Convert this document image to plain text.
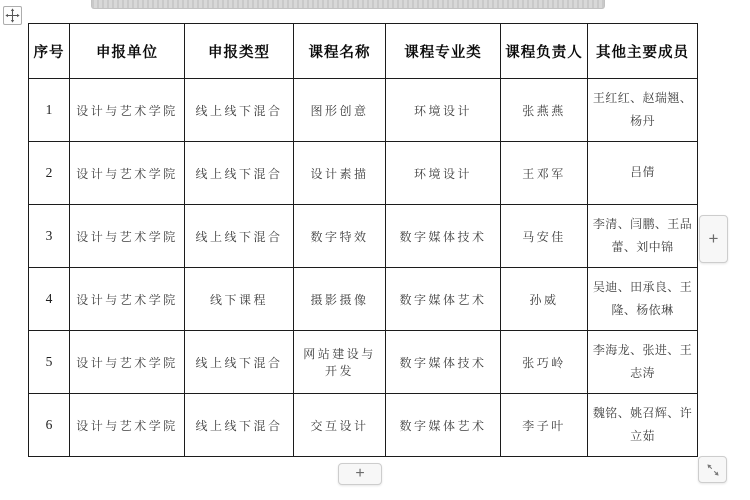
序号	申报单位	申报类型	课程名称	课程专业类	课程负责人	其他主要成员
1	设计与艺术学院	线上线下混合	图形创意	环境设计	张燕燕	王红红、赵瑞翘、杨丹
2	设计与艺术学院	线上线下混合	设计素描	环境设计	王邓军	吕倩
3	设计与艺术学院	线上线下混合	数字特效	数字媒体技术	马安佳	李清、闫鹏、王品蕾、刘中锦
4	设计与艺术学院	线下课程	摄影摄像	数字媒体艺术	孙威	吴迪、田承良、王隆、杨依琳
5	设计与艺术学院	线上线下混合	网站建设与开发	数字媒体技术	张巧岭	李海龙、张进、王志涛
6	设计与艺术学院	线上线下混合	交互设计	数字媒体艺术	李子叶	魏铭、姚召辉、许立茹
+
+
